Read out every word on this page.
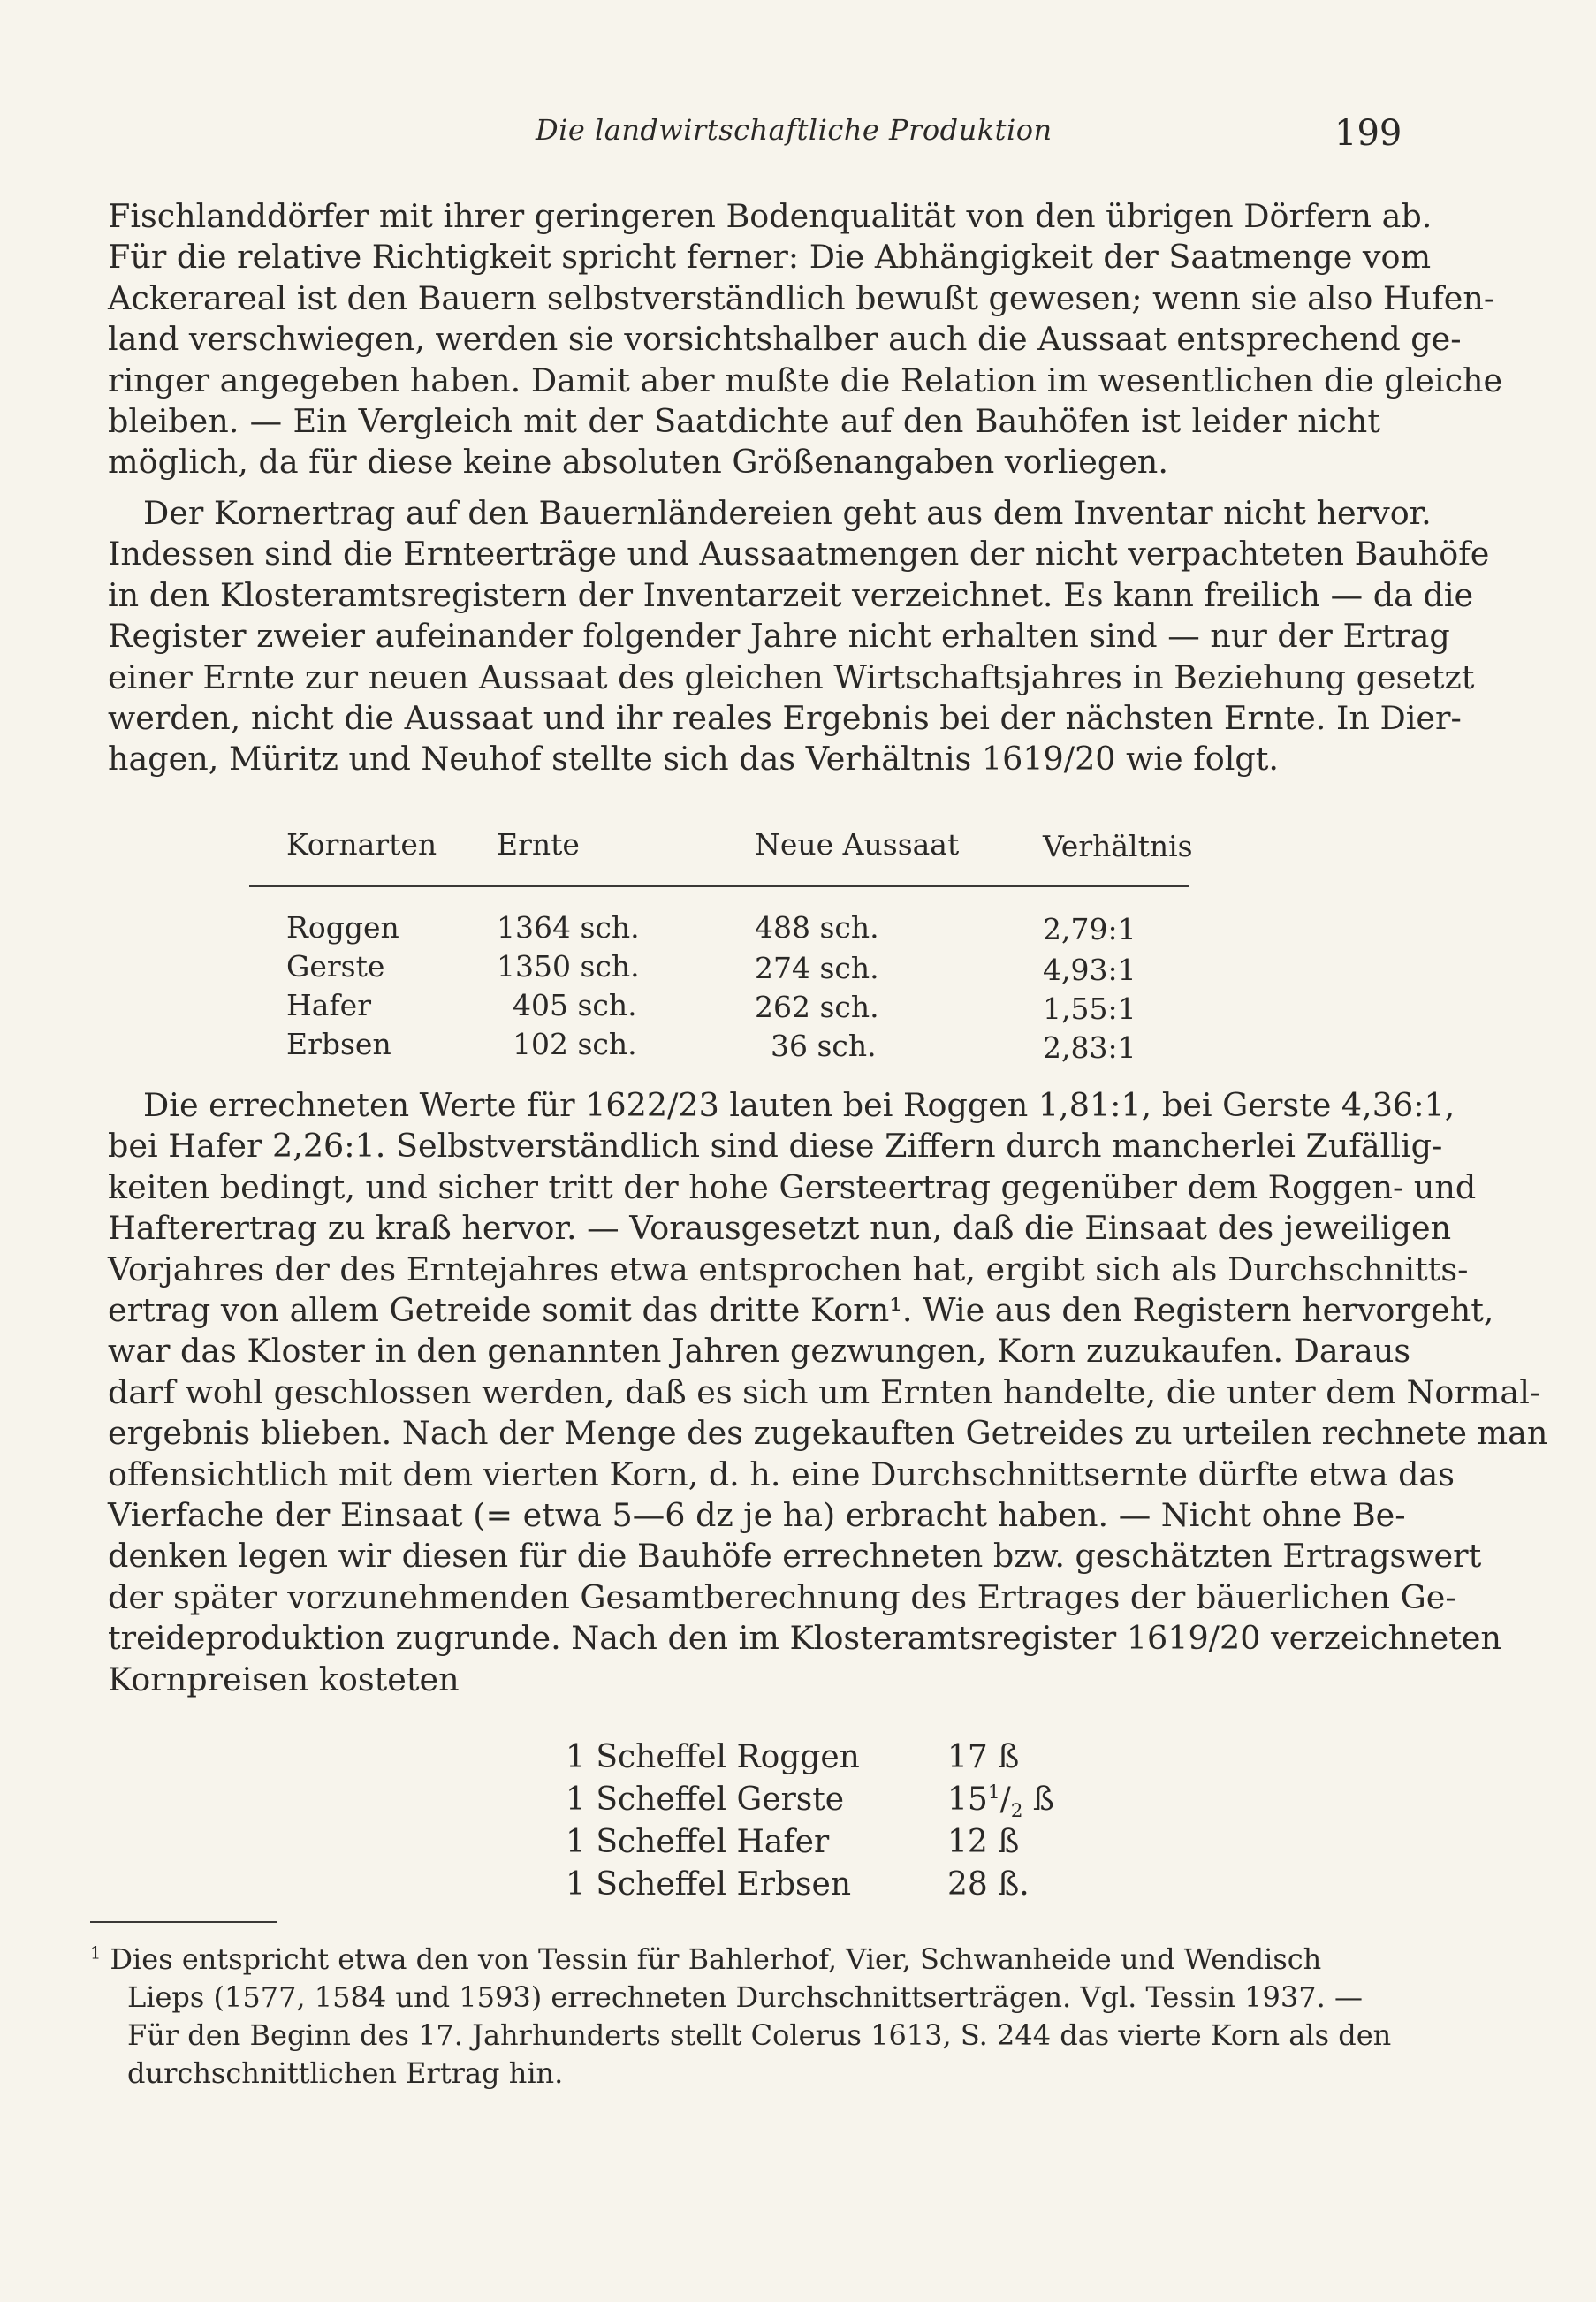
Die landwirtschaftliche Produktion	199

Fischlanddörfer mit ihrer geringeren Bodenqualität von den übrigen Dörfern ab.
Für die relative Richtigkeit spricht ferner: Die Abhängigkeit der Saatmenge vom
Ackerareal ist den Bauern selbstverständlich bewußt gewesen; wenn sie also Hufen-
land verschwiegen, werden sie vorsichtshalber auch die Aussaat entsprechend ge-
ringer angegeben haben. Damit aber mußte die Relation im wesentlichen die gleiche
bleiben. — Ein Vergleich mit der Saatdichte auf den Bauhöfen ist leider nicht
möglich, da für diese keine absoluten Größenangaben vorliegen.

Der Kornertrag auf den Bauernländereien geht aus dem Inventar nicht hervor.
Indessen sind die Ernteerträge und Aussaatmengen der nicht verpachteten Bauhöfe
in den Klosteramtsregistern der Inventarzeit verzeichnet. Es kann freilich — da die
Register zweier aufeinander folgender Jahre nicht erhalten sind — nur der Ertrag
einer Ernte zur neuen Aussaat des gleichen Wirtschaftsjahres in Beziehung gesetzt
werden, nicht die Aussaat und ihr reales Ergebnis bei der nächsten Ernte. In Dier-
hagen, Müritz und Neuhof stellte sich das Verhältnis 1619/20 wie folgt.

Kornarten Ernte	Neue Aussaat	Verhältnis
Roggen	1364 sch.	488 sch.	2,79:1
Gerste	1350 sch.	274 sch.	4,93:1
Hafer	405 sch.	262 sch.	1,55:1
Erbsen	102 sch.	36 sch.	2,83:1

Die errechneten Werte für 1622/23 lauten bei Roggen 1,81:1, bei Gerste 4,36:1,
bei Hafer 2,26:1. Selbstverständlich sind diese Ziffern durch mancherlei Zufällig-
keiten bedingt, und sicher tritt der hohe Gersteertrag gegenüber dem Roggen- und
Hafterertrag zu kraß hervor. — Vorausgesetzt nun, daß die Einsaat des jeweiligen
Vorjahres der des Erntejahres etwa entsprochen hat, ergibt sich als Durchschnitts-
ertrag von allem Getreide somit das dritte Korn¹. Wie aus den Registern hervorgeht,
war das Kloster in den genannten Jahren gezwungen, Korn zuzukaufen. Daraus
darf wohl geschlossen werden, daß es sich um Ernten handelte, die unter dem Normal-
ergebnis blieben. Nach der Menge des zugekauften Getreides zu urteilen rechnete man
offensichtlich mit dem vierten Korn, d. h. eine Durchschnittsernte dürfte etwa das
Vierfache der Einsaat (= etwa 5—6 dz je ha) erbracht haben. — Nicht ohne Be-
denken legen wir diesen für die Bauhöfe errechneten bzw. geschätzten Ertragswert
der später vorzunehmenden Gesamtberechnung des Ertrages der bäuerlichen Ge-
treideproduktion zugrunde. Nach den im Klosteramtsregister 1619/20 verzeichneten
Kornpreisen kosteten

1 Scheffel Roggen	17 ß
1 Scheffel Gerste	$15^1/_2$ ß
1 Scheffel Hafer	12 ß
1 Scheffel Erbsen	28 ß.
$^1$ Dies entspricht etwa den von Tessin für Bahlerhof, Vier, Schwanheide und Wendisch
Lieps (1577, 1584 und 1593) errechneten Durchschnittserträgen. Vgl. Tessin 1937. —
Für den Beginn des 17. Jahrhunderts stellt Colerus 1613, S. 244 das vierte Korn als den
durchschnittlichen Ertrag hin.
